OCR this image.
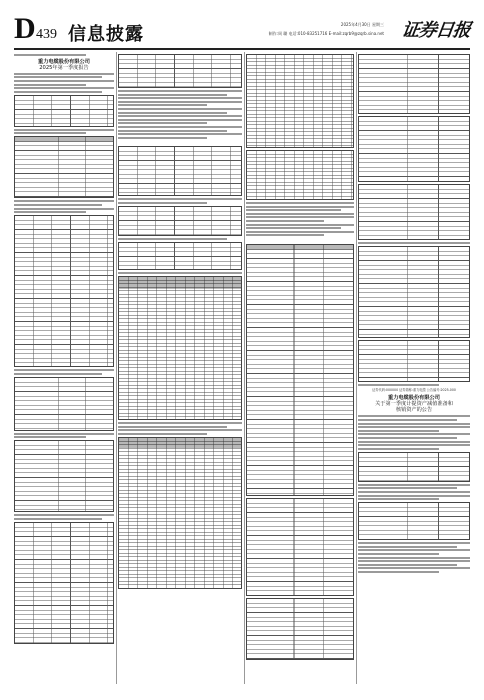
D 439 信息披露	2025年4月30日 星期三
制作:周 璐 电话:010-83251716 E-mail:zqrb9@zqrb.sina.net 证券日报
重力电缆股份有限公司
2025年第一季度报告
证券代码:000000 证券简称:重力电缆 公告编号:2025-000
重力电缆股份有限公司
关于第一季度计提资产减值准备和
核销资产的公告
